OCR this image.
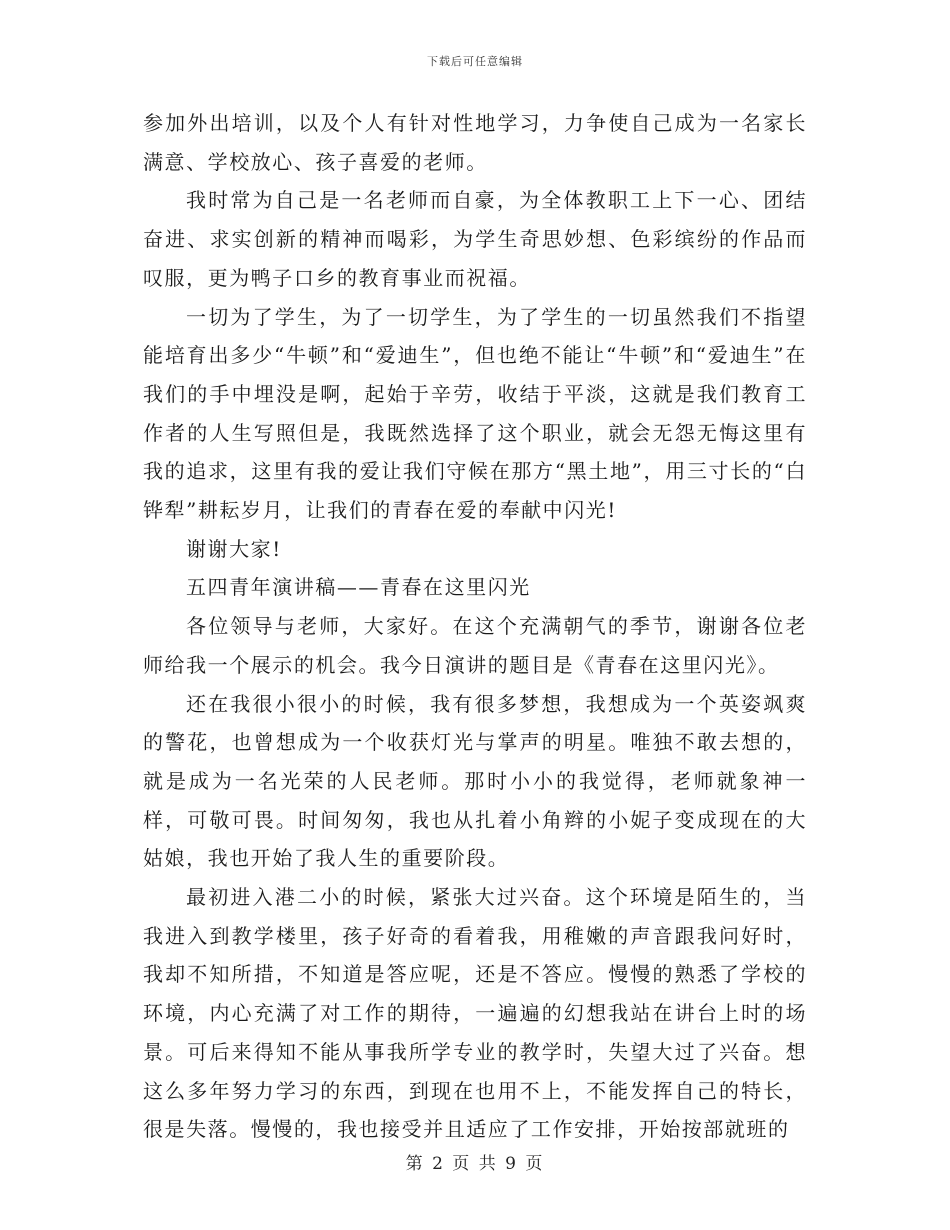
下载后可任意编辑

参加外出培训，以及个人有针对性地学习，力争使自己成为一名家长满意、学校放心、孩子喜爱的老师。

我时常为自己是一名老师而自豪，为全体教职工上下一心、团结奋进、求实创新的精神而喝彩，为学生奇思妙想、色彩缤纷的作品而叹服，更为鸭子口乡的教育事业而祝福。

一切为了学生，为了一切学生，为了学生的一切虽然我们不指望能培育出多少“牛顿”和“爱迪生”，但也绝不能让“牛顿”和“爱迪生”在我们的手中埋没是啊，起始于辛劳，收结于平淡，这就是我们教育工作者的人生写照但是，我既然选择了这个职业，就会无怨无悔这里有我的追求，这里有我的爱让我们守候在那方“黑土地”，用三寸长的“白铧犁”耕耘岁月，让我们的青春在爱的奉献中闪光!

谢谢大家!

五四青年演讲稿——青春在这里闪光

各位领导与老师，大家好。在这个充满朝气的季节，谢谢各位老师给我一个展示的机会。我今日演讲的题目是《青春在这里闪光》。

还在我很小很小的时候，我有很多梦想，我想成为一个英姿飒爽的警花，也曾想成为一个收获灯光与掌声的明星。唯独不敢去想的，就是成为一名光荣的人民老师。那时小小的我觉得，老师就象神一样，可敬可畏。时间匆匆，我也从扎着小角辫的小妮子变成现在的大姑娘，我也开始了我人生的重要阶段。

最初进入港二小的时候，紧张大过兴奋。这个环境是陌生的，当我进入到教学楼里，孩子好奇的看着我，用稚嫩的声音跟我问好时，我却不知所措，不知道是答应呢，还是不答应。慢慢的熟悉了学校的环境，内心充满了对工作的期待，一遍遍的幻想我站在讲台上时的场景。可后来得知不能从事我所学专业的教学时，失望大过了兴奋。想这么多年努力学习的东西，到现在也用不上，不能发挥自己的特长，很是失落。慢慢的，我也接受并且适应了工作安排，开始按部就班的

第 2 页 共 9 页
